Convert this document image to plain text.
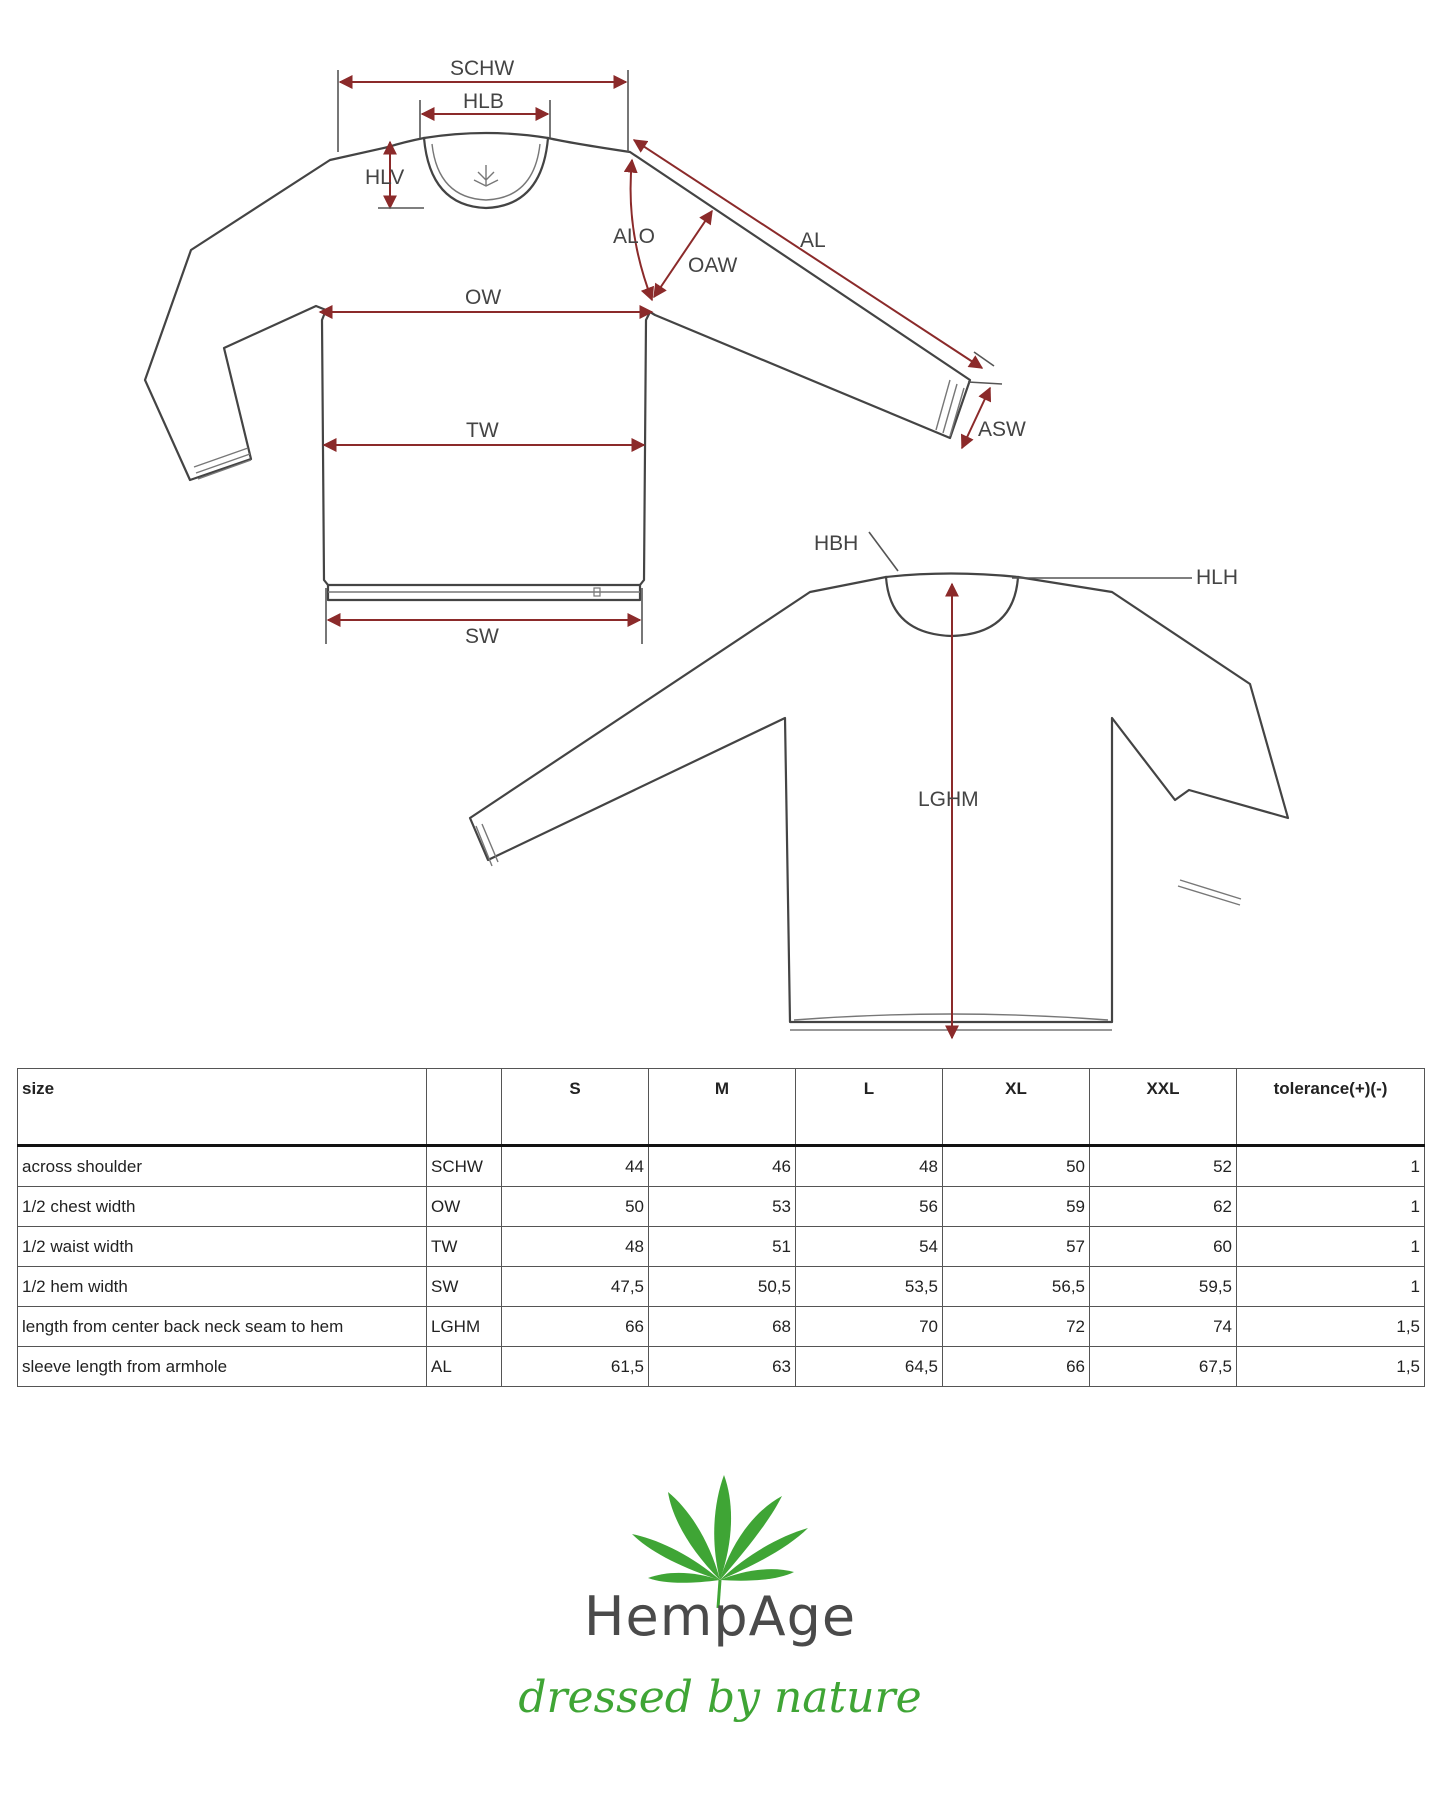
SCHW
HLB
HLV
ALO
OAW
AL
OW
TW
SW
ASW
HBH
HLH
LGHM
size		S	M	L	XL	XXL	tolerance(+)(-)

across shoulder	SCHW	44	46	48	50	52	1
1/2 chest width	OW	50	53	56	59	62	1
1/2 waist width	TW	48	51	54	57	60	1
1/2 hem width	SW	47,5	50,5	53,5	56,5	59,5	1
length from center back neck seam to hem	LGHM	66	68	70	72	74	1,5
sleeve length from armhole	AL	61,5	63	64,5	66	67,5	1,5
HempAge
dressed by nature
